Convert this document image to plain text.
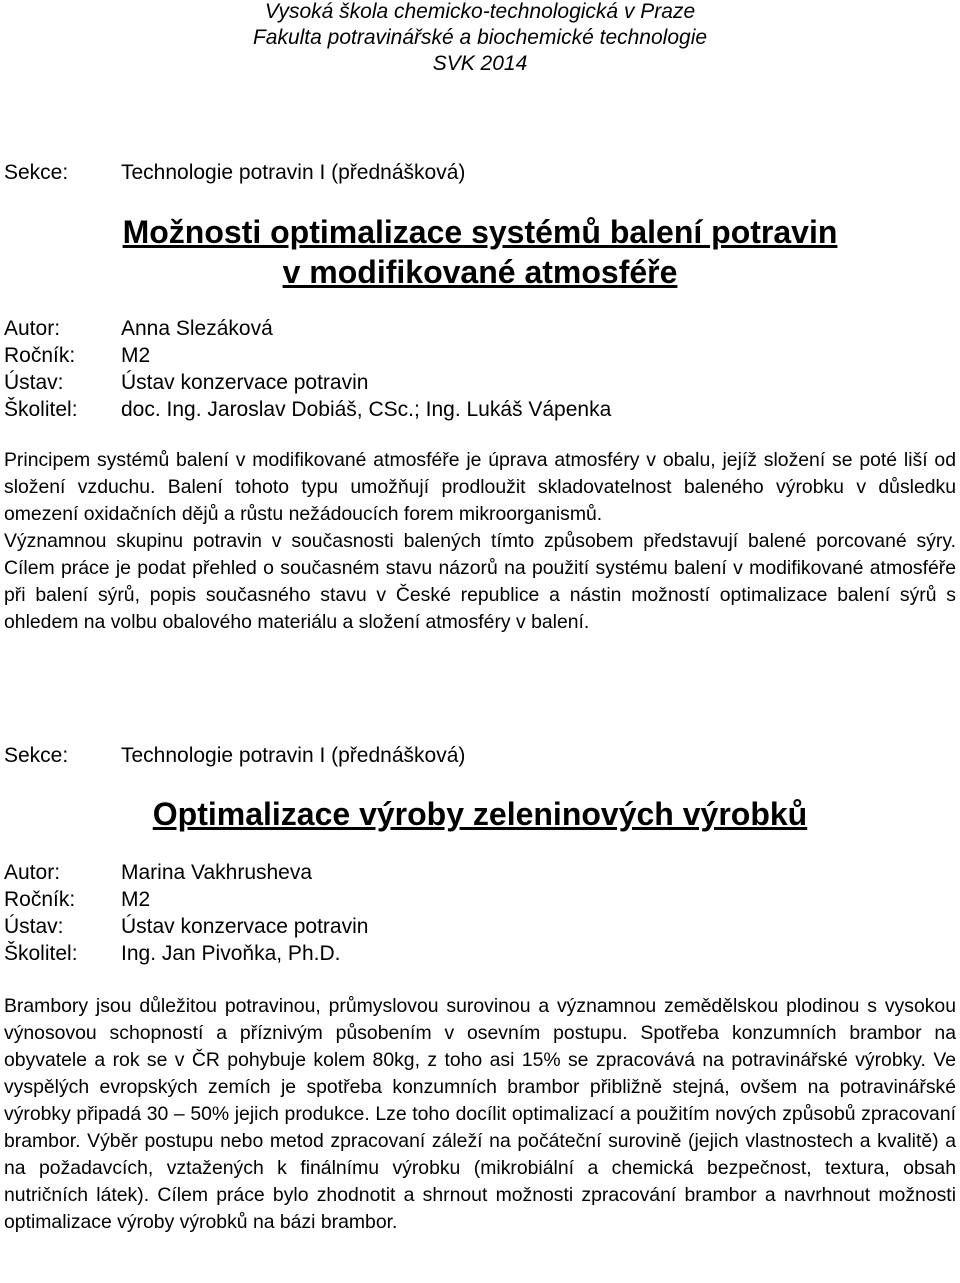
Vysoká škola chemicko-technologická v Praze
Fakulta potravinářské a biochemické technologie
SVK 2014
Sekce:	Technologie potravin I (přednášková)
Možnosti optimalizace systémů balení potravin
v modifikované atmosféře
Autor:	Anna Slezáková
Ročník:	M2
Ústav:	Ústav konzervace potravin
Školitel:	doc. Ing. Jaroslav Dobiáš, CSc.; Ing. Lukáš Vápenka

Principem systémů balení v modifikované atmosféře je úprava atmosféry v obalu, jejíž složení se poté liší od složení vzduchu. Balení tohoto typu umožňují prodloužit skladovatelnost baleného výrobku v důsledku omezení oxidačních dějů a růstu nežádoucích forem mikroorganismů.

Významnou skupinu potravin v současnosti balených tímto způsobem představují balené porcované sýry. Cílem práce je podat přehled o současném stavu názorů na použití systému balení v modifikované atmosféře při balení sýrů, popis současného stavu v České republice a nástin možností optimalizace balení sýrů s ohledem na volbu obalového materiálu a složení atmosféry v balení.

Sekce:	Technologie potravin I (přednášková)
Optimalizace výroby zeleninových výrobků
Autor:	Marina Vakhrusheva
Ročník:	M2
Ústav:	Ústav konzervace potravin
Školitel:	Ing. Jan Pivoňka, Ph.D.

Brambory jsou důležitou potravinou, průmyslovou surovinou a významnou zemědělskou plodinou s vysokou výnosovou schopností a příznivým působením v osevním postupu. Spotřeba konzumních brambor na obyvatele a rok se v ČR pohybuje kolem 80kg, z toho asi 15% se zpracovává na potravinářské výrobky. Ve vyspělých evropských zemích je spotřeba konzumních brambor přibližně stejná, ovšem na potravinářské výrobky připadá 30 – 50% jejich produkce. Lze toho docílit optimalizací a použitím nových způsobů zpracovaní brambor. Výběr postupu nebo metod zpracovaní záleží na počáteční surovině (jejich vlastnostech a kvalitě) a na požadavcích, vztažených k finálnímu výrobku (mikrobiální a chemická bezpečnost, textura, obsah nutričních látek). Cílem práce bylo zhodnotit a shrnout možnosti zpracování brambor a navrhnout možnosti optimalizace výroby výrobků na bázi brambor.
